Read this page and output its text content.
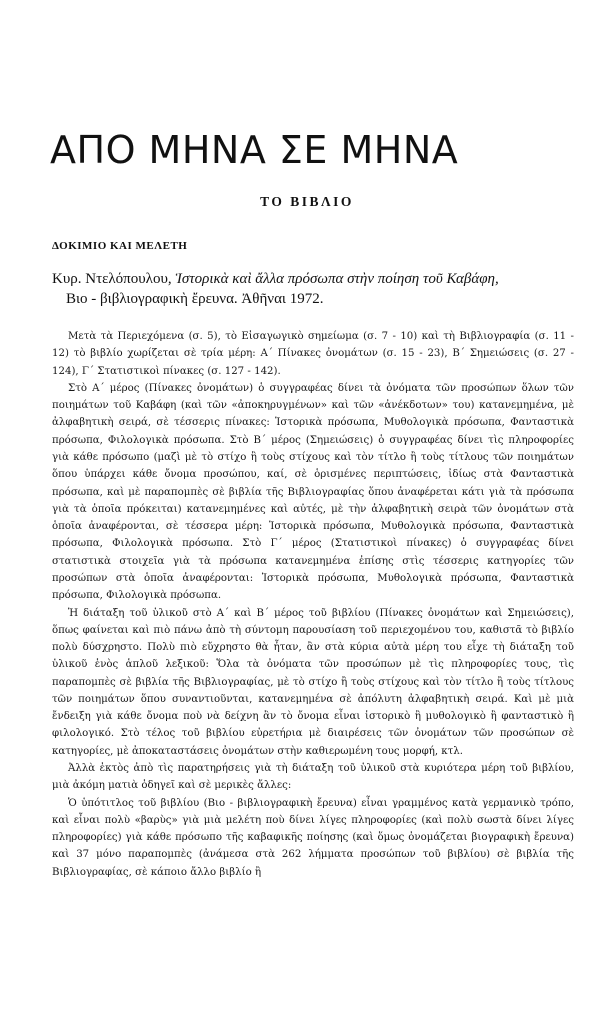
ΑΠΟ ΜΗΝΑ ΣΕ ΜΗΝΑ
ΤΟ ΒΙΒΛΙΟ
ΔΟΚΙΜΙΟ ΚΑΙ ΜΕΛΕΤΗ
Κυρ. Ντελόπουλου, Ἱστορικὰ καὶ ἄλλα πρόσωπα στὴν ποίηση τοῦ Καβάφη,
Βιο - βιβλιογραφικὴ ἔρευνα. Ἀθῆναι 1972.

Μετὰ τὰ Περιεχόμενα (σ. 5), τὸ Εἰσαγωγικὸ σημείωμα (σ. 7 - 10) καὶ τὴ Βιβλιογραφία (σ. 11 - 12) τὸ βιβλίο χωρίζεται σὲ τρία μέρη: Α΄ Πίνακες ὀνομάτων (σ. 15 - 23), Β΄ Σημειώσεις (σ. 27 - 124), Γ΄ Στατιστικοὶ πίνακες (σ. 127 - 142).

Στὸ Α΄ μέρος (Πίνακες ὀνομάτων) ὁ συγγραφέας δίνει τὰ ὀνόματα τῶν προσώπων ὅλων τῶν ποιημάτων τοῦ Καβάφη (καὶ τῶν «ἀποκηρυγμένων» καὶ τῶν «ἀνέκδοτων» του) κατανεμημένα, μὲ ἀλφαβητικὴ σειρά, σὲ τέσσερις πίνακες: Ἱστορικὰ πρόσωπα, Μυθολογικὰ πρόσωπα, Φανταστικὰ πρόσωπα, Φιλολογικὰ πρόσωπα. Στὸ Β΄ μέρος (Σημειώσεις) ὁ συγγραφέας δίνει τὶς πληροφορίες γιὰ κάθε πρόσωπο (μαζὶ μὲ τὸ στίχο ἢ τοὺς στίχους καὶ τὸν τίτλο ἢ τοὺς τίτλους τῶν ποιημάτων ὅπου ὑπάρχει κάθε ὄνομα προσώπου, καί, σὲ ὁρισμένες περιπτώσεις, ἰδίως στὰ Φανταστικὰ πρόσωπα, καὶ μὲ παραπομπὲς σὲ βιβλία τῆς Βιβλιογραφίας ὅπου ἀναφέρεται κάτι γιὰ τὰ πρόσωπα γιὰ τὰ ὁποῖα πρόκειται) κατανεμημένες καὶ αὐτές, μὲ τὴν ἀλφαβητικὴ σειρὰ τῶν ὀνομάτων στὰ ὁποῖα ἀναφέρονται, σὲ τέσσερα μέρη: Ἱστορικὰ πρόσωπα, Μυθολογικὰ πρόσωπα, Φανταστικὰ πρόσωπα, Φιλολογικὰ πρόσωπα. Στὸ Γ΄ μέρος (Στατιστικοὶ πίνακες) ὁ συγγραφέας δίνει στατιστικὰ στοιχεῖα γιὰ τὰ πρόσωπα κατανεμημένα ἐπίσης στὶς τέσσερις κατηγορίες τῶν προσώπων στὰ ὁποῖα ἀναφέρονται: Ἱστορικὰ πρόσωπα, Μυθολογικὰ πρόσωπα, Φανταστικὰ πρόσωπα, Φιλολογικὰ πρόσωπα.

Ἡ διάταξη τοῦ ὑλικοῦ στὸ Α΄ καὶ Β΄ μέρος τοῦ βιβλίου (Πίνακες ὀνομάτων καὶ Σημειώσεις), ὅπως φαίνεται καὶ πιὸ πάνω ἀπὸ τὴ σύντομη παρουσίαση τοῦ περιεχομένου του, καθιστᾶ τὸ βιβλίο πολὺ δύσχρηστο. Πολὺ πιὸ εὔχρηστο θὰ ἦταν, ἂν στὰ κύρια αὐτὰ μέρη του εἶχε τὴ διάταξη τοῦ ὑλικοῦ ἑνὸς ἁπλοῦ λεξικοῦ: Ὅλα τὰ ὀνόματα τῶν προσώπων μὲ τὶς πληροφορίες τους, τὶς παραπομπὲς σὲ βιβλία τῆς Βιβλιογραφίας, μὲ τὸ στίχο ἢ τοὺς στίχους καὶ τὸν τίτλο ἢ τοὺς τίτλους τῶν ποιημάτων ὅπου συναντιοῦνται, κατανεμημένα σὲ ἀπόλυτη ἀλφαβητικὴ σειρά. Καὶ μὲ μιὰ ἔνδειξη γιὰ κάθε ὄνομα ποὺ νὰ δείχνη ἂν τὸ ὄνομα εἶναι ἱστορικὸ ἢ μυθολογικὸ ἢ φανταστικὸ ἢ φιλολογικό. Στὸ τέλος τοῦ βιβλίου εὑρετήρια μὲ διαιρέσεις τῶν ὀνομάτων τῶν προσώπων σὲ κατηγορίες, μὲ ἀποκαταστάσεις ὀνομάτων στὴν καθιερωμένη τους μορφή, κτλ.

Ἀλλὰ ἐκτὸς ἀπὸ τὶς παρατηρήσεις γιὰ τὴ διάταξη τοῦ ὑλικοῦ στὰ κυριότερα μέρη τοῦ βιβλίου, μιὰ ἀκόμη ματιὰ ὁδηγεῖ καὶ σὲ μερικὲς ἄλλες:

Ὁ ὑπότιτλος τοῦ βιβλίου (Βιο - βιβλιογραφικὴ ἔρευνα) εἶναι γραμμένος κατὰ γερμανικὸ τρόπο, καὶ εἶναι πολὺ «βαρὺς» γιὰ μιὰ μελέτη ποὺ δίνει λίγες πληροφορίες (καὶ πολὺ σωστὰ δίνει λίγες πληροφορίες) γιὰ κάθε πρόσωπο τῆς καβαφικῆς ποίησης (καὶ ὅμως ὀνομάζεται βιογραφικὴ ἔρευνα) καὶ 37 μόνο παραπομπὲς (ἀνάμεσα στὰ 262 λήμματα προσώπων τοῦ βιβλίου) σὲ βιβλία τῆς Βιβλιογραφίας, σὲ κάποιο ἄλλο βιβλίο ἢ
